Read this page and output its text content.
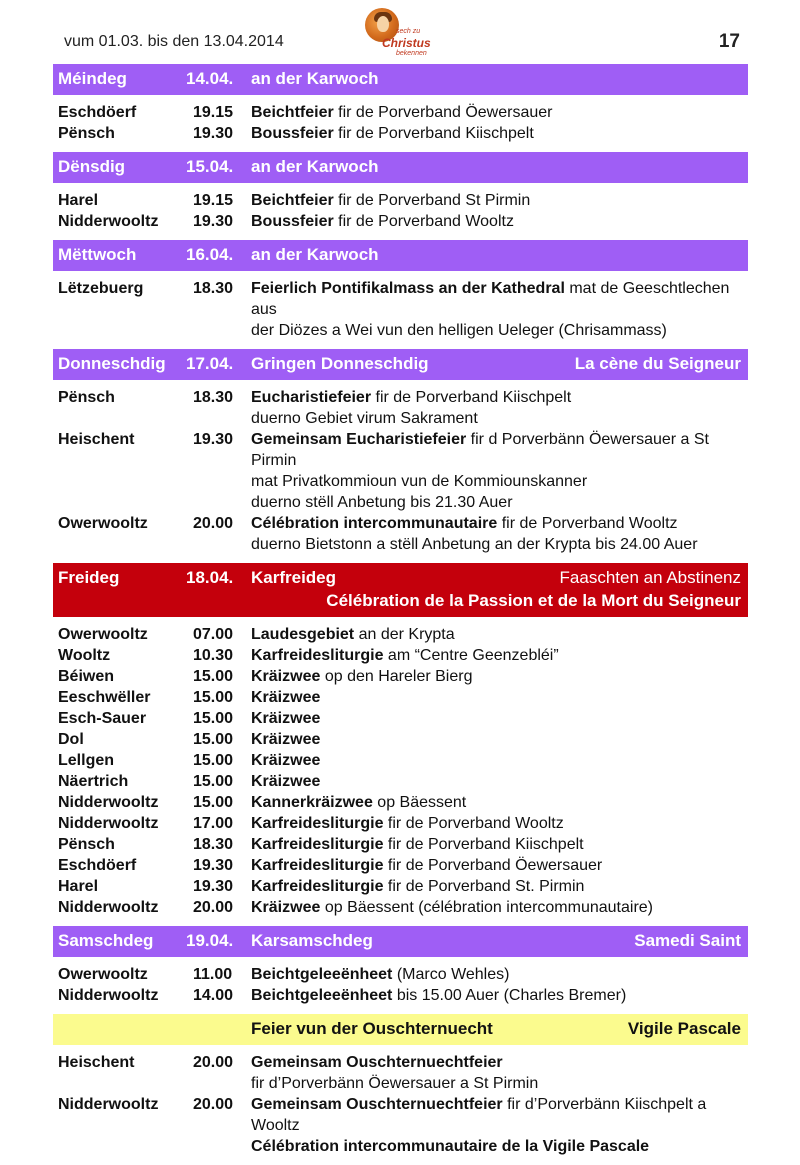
vum 01.03. bis den 13.04.2014
sech zu
Christus
bekennen
17
Méindeg	14.04. an der Karwoch
Eschdöerf	19.15 Beichtfeier fir de Porverband Öewersauer
Pënsch	19.30 Boussfeier fir de Porverband Kiischpelt
Dënsdig	15.04. an der Karwoch
Harel	19.15 Beichtfeier fir de Porverband St Pirmin
Nidderwooltz 19.30 Boussfeier fir de Porverband Wooltz
Mëttwoch	16.04. an der Karwoch
Lëtzebuerg	18.30 Feierlich Pontifikalmass an der Kathedral mat de Geeschtlechen aus
der Diözes a Wei vun den helligen Ueleger (Chrisammass)
Donneschdig 17.04. Gringen Donneschdig	La cène du Seigneur
Pënsch	18.30 Eucharistiefeier fir de Porverband Kiischpelt
duerno Gebiet virum Sakrament
Heischent	19.30 Gemeinsam Eucharistiefeier fir d Porverbänn Öewersauer a St Pirmin
mat Privatkommioun vun de Kommiounskanner
duerno stëll Anbetung bis 21.30 Auer
Owerwooltz	20.00 Célébration intercommunautaire fir de Porverband Wooltz
duerno Bietstonn a stëll Anbetung an der Krypta bis 24.00 Auer
Freideg	18.04. Karfreideg	Faaschten an Abstinenz
Célébration de la Passion et de la Mort du Seigneur
Owerwooltz	07.00 Laudesgebiet an der Krypta
Wooltz	10.30 Karfreidesliturgie am “Centre Geenzebléi”
Béiwen	15.00 Kräizwee op den Hareler Bierg
Eeschwëller	15.00 Kräizwee
Esch-Sauer	15.00 Kräizwee
Dol	15.00 Kräizwee
Lellgen	15.00 Kräizwee
Näertrich	15.00 Kräizwee
Nidderwooltz 15.00 Kannerkräizwee op Bäessent
Nidderwooltz 17.00 Karfreidesliturgie fir de Porverband Wooltz
Pënsch	18.30 Karfreidesliturgie fir de Porverband Kiischpelt
Eschdöerf	19.30 Karfreidesliturgie fir de Porverband Öewersauer
Harel	19.30 Karfreidesliturgie fir de Porverband St. Pirmin
Nidderwooltz 20.00 Kräizwee op Bäessent (célébration intercommunautaire)
Samschdeg 19.04. Karsamschdeg	Samedi Saint
Owerwooltz	11.00 Beichtgeleeënheet (Marco Wehles)
Nidderwooltz 14.00 Beichtgeleeënheet bis 15.00 Auer (Charles Bremer)
Feier vun der Ouschternuecht	Vigile Pascale
Heischent	20.00 Gemeinsam Ouschternuechtfeier
fir d’Porverbänn Öewersauer a St Pirmin
Nidderwooltz 20.00 Gemeinsam Ouschternuechtfeier fir d’Porverbänn Kiischpelt a Wooltz
Célébration intercommunautaire de la Vigile Pascale
